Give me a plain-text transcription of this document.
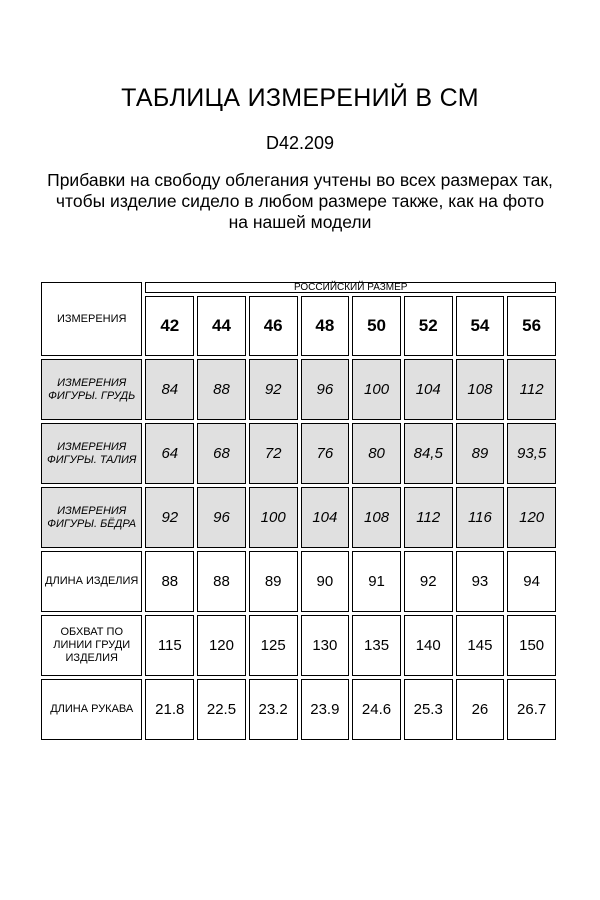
ТАБЛИЦА ИЗМЕРЕНИЙ В СМ
D42.209
Прибавки на свободу облегания учтены во всех размерах так,
чтобы изделие сидело в любом размере также, как на фото
на нашей модели
ИЗМЕРЕНИЯ	РОССИЙСКИЙ РАЗМЕР							
	42	44	46	48	50	52	54	56

ИЗМЕРЕНИЯ
ФИГУРЫ. ГРУДЬ	84	88	92	96	100	104	108	112

ИЗМЕРЕНИЯ
ФИГУРЫ. ТАЛИЯ	64	68	72	76	80	84,5	89	93,5

ИЗМЕРЕНИЯ
ФИГУРЫ. БЁДРА	92	96	100	104	108	112	116	120

ДЛИНА ИЗДЕЛИЯ	88	88	89	90	91	92	93	94

ОБХВАТ ПО
ЛИНИИ ГРУДИ
ИЗДЕЛИЯ	115	120	125	130	135	140	145	150

ДЛИНА РУКАВА	21.8	22.5	23.2	23.9	24.6	25.3	26	26.7
